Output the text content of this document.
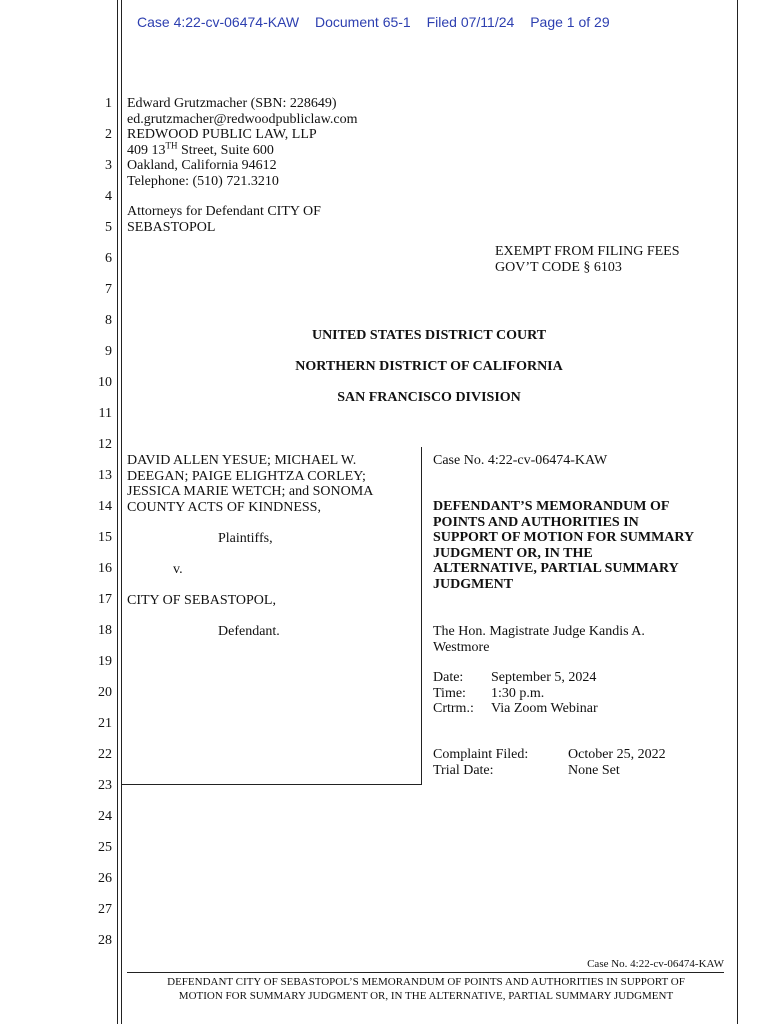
Case 4:22-cv-06474-KAW Document 65-1 Filed 07/11/24 Page 1 of 29
1
2
3
4
5
6
7
8
9
10
11
12
13
14
15
16
17
18
19
20
21
22
23
24
25
26
27
28
Edward Grutzmacher (SBN: 228649)
ed.grutzmacher@redwoodpubliclaw.com
REDWOOD PUBLIC LAW, LLP
409 13TH Street, Suite 600
Oakland, California 94612
Telephone: (510) 721.3210
Attorneys for Defendant CITY OF
SEBASTOPOL
EXEMPT FROM FILING FEES
GOV’T CODE § 6103
UNITED STATES DISTRICT COURT
NORTHERN DISTRICT OF CALIFORNIA
SAN FRANCISCO DIVISION
DAVID ALLEN YESUE; MICHAEL W.
DEEGAN; PAIGE ELIGHTZA CORLEY;
JESSICA MARIE WETCH; and SONOMA
COUNTY ACTS OF KINDNESS,
Plaintiffs,
v.
CITY OF SEBASTOPOL,
Defendant.
Case No. 4:22-cv-06474-KAW
DEFENDANT’S MEMORANDUM OF
POINTS AND AUTHORITIES IN
SUPPORT OF MOTION FOR SUMMARY
JUDGMENT OR, IN THE
ALTERNATIVE, PARTIAL SUMMARY
JUDGMENT
The Hon. Magistrate Judge Kandis A.
Westmore
Date: September 5, 2024
Time: 1:30 p.m.
Crtrm.: Via Zoom Webinar
Complaint Filed:	October 25, 2022
Trial Date:	None Set
Case No. 4:22-cv-06474-KAW
DEFENDANT CITY OF SEBASTOPOL’S MEMORANDUM OF POINTS AND AUTHORITIES IN SUPPORT OF
MOTION FOR SUMMARY JUDGMENT OR, IN THE ALTERNATIVE, PARTIAL SUMMARY JUDGMENT
